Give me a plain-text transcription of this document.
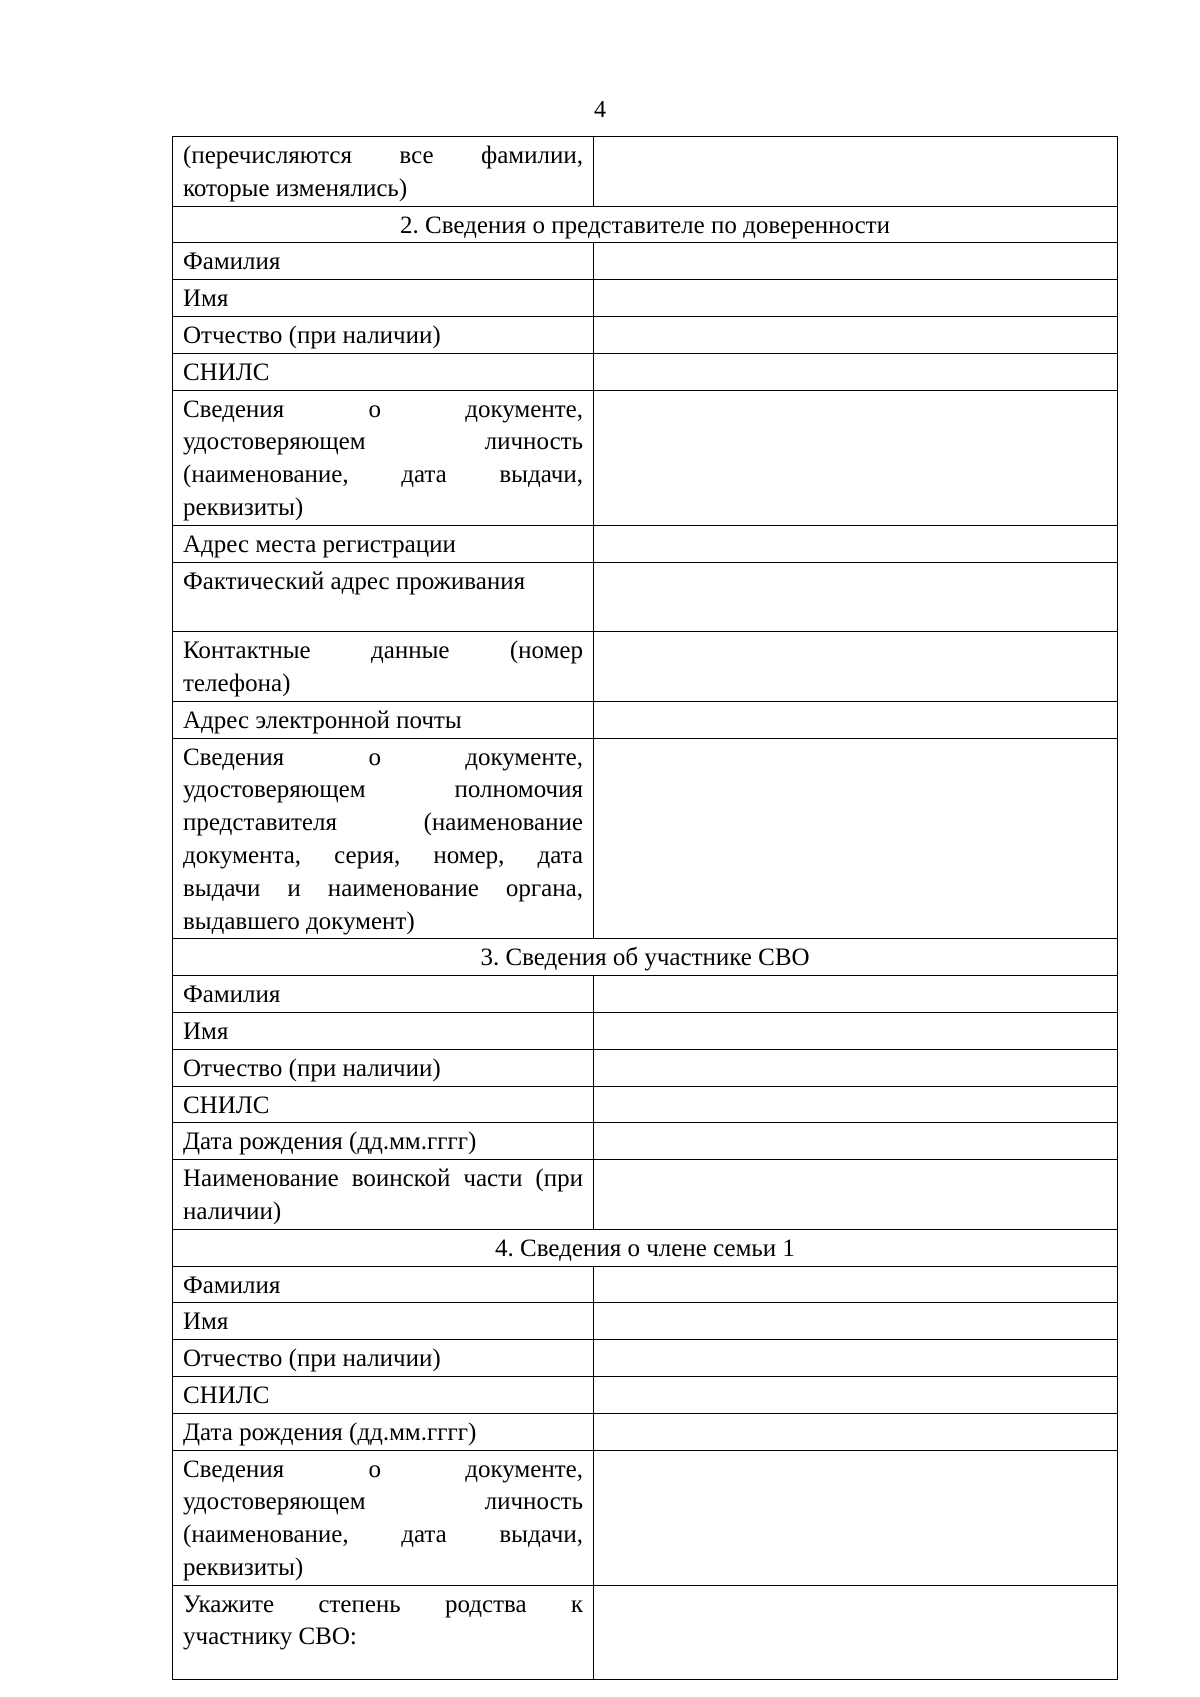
4
(перечисляются все фамилии, которые изменялись)	
2. Сведения о представителе по доверенности	
Фамилия	
Имя	
Отчество (при наличии)	
СНИЛС	
Сведения о документе, удостоверяющем личность (наименование, дата выдачи, реквизиты)	
Адрес места регистрации	
Фактический адрес проживания	
Контактные данные (номер телефона)	
Адрес электронной почты	
Сведения о документе, удостоверяющем полномочия представителя (наименование документа, серия, номер, дата выдачи и наименование органа, выдавшего документ)	
3. Сведения об участнике СВО	
Фамилия	
Имя	
Отчество (при наличии)	
СНИЛС	
Дата рождения (дд.мм.гггг)	
Наименование воинской части (при наличии)	
4. Сведения о члене семьи 1	
Фамилия	
Имя	
Отчество (при наличии)	
СНИЛС	
Дата рождения (дд.мм.гггг)	
Сведения о документе, удостоверяющем личность (наименование, дата выдачи, реквизиты)	
Укажите степень родства к участнику СВО:	
